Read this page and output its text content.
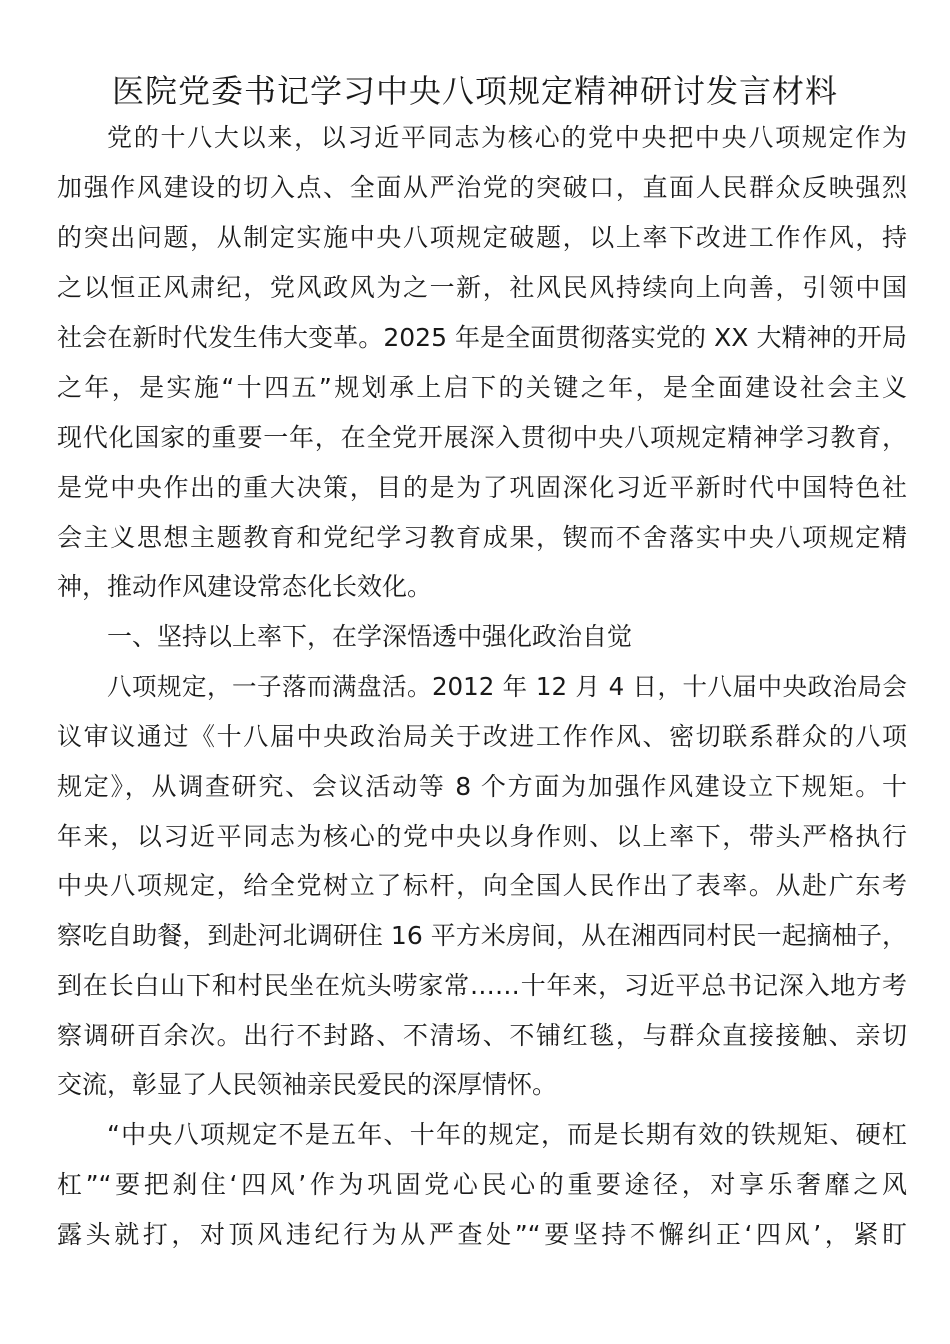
医院党委书记学习中央八项规定精神研讨发言材料
党的十八大以来，以习近平同志为核心的党中央把中央八项规定作为
加强作风建设的切入点、全面从严治党的突破口，直面人民群众反映强烈
的突出问题，从制定实施中央八项规定破题，以上率下改进工作作风，持
之以恒正风肃纪，党风政风为之一新，社风民风持续向上向善，引领中国
社会在新时代发生伟大变革。2025 年是全面贯彻落实党的 XX 大精神的开局
之年，是实施“十四五”规划承上启下的关键之年，是全面建设社会主义
现代化国家的重要一年，在全党开展深入贯彻中央八项规定精神学习教育，
是党中央作出的重大决策，目的是为了巩固深化习近平新时代中国特色社
会主义思想主题教育和党纪学习教育成果，锲而不舍落实中央八项规定精
神，推动作风建设常态化长效化。
一、坚持以上率下，在学深悟透中强化政治自觉
八项规定，一子落而满盘活。2012 年 12 月 4 日，十八届中央政治局会
议审议通过《十八届中央政治局关于改进工作作风、密切联系群众的八项
规定》，从调查研究、会议活动等 8 个方面为加强作风建设立下规矩。十
年来，以习近平同志为核心的党中央以身作则、以上率下，带头严格执行
中央八项规定，给全党树立了标杆，向全国人民作出了表率。从赴广东考
察吃自助餐，到赴河北调研住 16 平方米房间，从在湘西同村民一起摘柚子，
到在长白山下和村民坐在炕头唠家常……十年来，习近平总书记深入地方考
察调研百余次。出行不封路、不清场、不铺红毯，与群众直接接触、亲切
交流，彰显了人民领袖亲民爱民的深厚情怀。
“中央八项规定不是五年、十年的规定，而是长期有效的铁规矩、硬杠
杠”“要把刹住‘四风’作为巩固党心民心的重要途径，对享乐奢靡之风
露头就打，对顶风违纪行为从严查处”“要坚持不懈纠正‘四风’，紧盯
